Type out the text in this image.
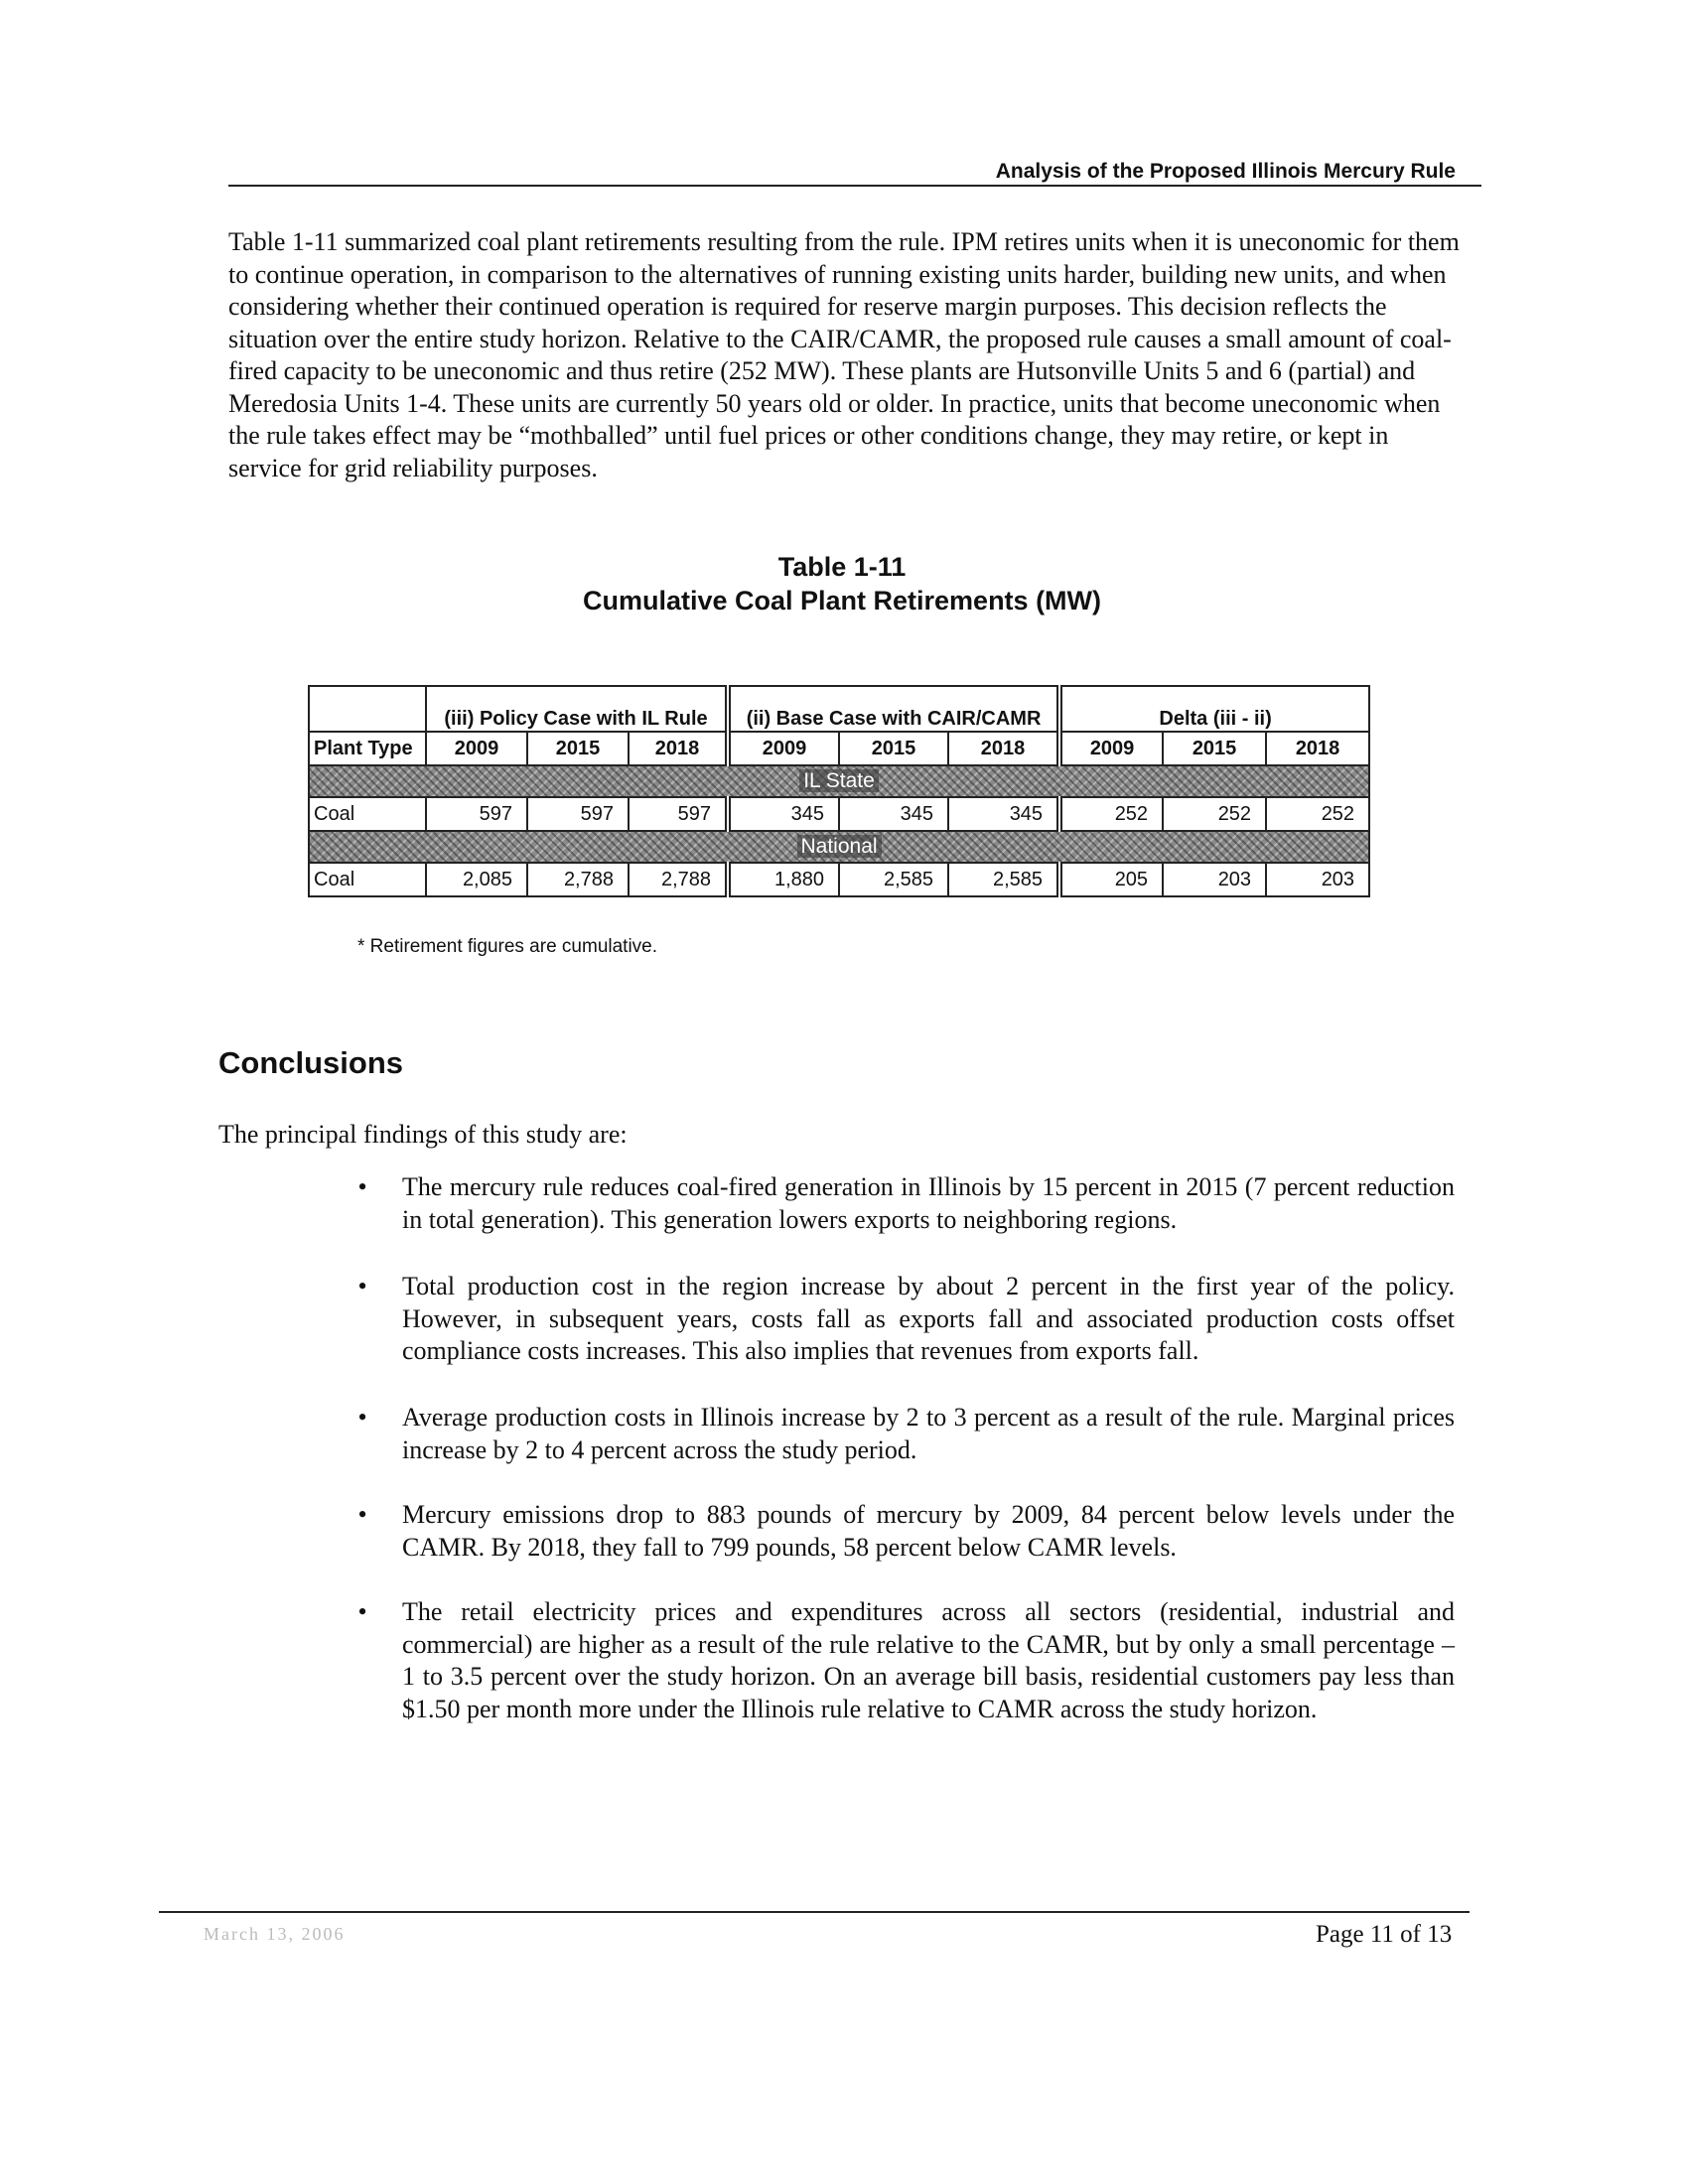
Analysis of the Proposed Illinois Mercury Rule

Table 1-11 summarized coal plant retirements resulting from the rule. IPM retires units when it is uneconomic for them to continue operation, in comparison to the alternatives of running existing units harder, building new units, and when considering whether their continued operation is required for reserve margin purposes. This decision reflects the situation over the entire study horizon. Relative to the CAIR/CAMR, the proposed rule causes a small amount of coal-fired capacity to be uneconomic and thus retire (252 MW). These plants are Hutsonville Units 5 and 6 (partial) and Meredosia Units 1-4. These units are currently 50 years old or older. In practice, units that become uneconomic when the rule takes effect may be “mothballed” until fuel prices or other conditions change, they may retire, or kept in service for grid reliability purposes.

Table 1-11
Cumulative Coal Plant Retirements (MW)
	(iii) Policy Case with IL Rule			(ii) Base Case with CAIR/CAMR			Delta (iii - ii)		
Plant Type	2009	2015	2018	2009	2015	2018	2009	2015	2018
IL State									
Coal	597	597	597	345	345	345	252	252	252
National									
Coal	2,085	2,788	2,788	1,880	2,585	2,585	205	203	203
* Retirement figures are cumulative.
Conclusions

The principal findings of this study are:

• The mercury rule reduces coal-fired generation in Illinois by 15 percent in 2015 (7 percent reduction in total generation). This generation lowers exports to neighboring regions.
• Total production cost in the region increase by about 2 percent in the first year of the policy. However, in subsequent years, costs fall as exports fall and associated production costs offset compliance costs increases. This also implies that revenues from exports fall.
• Average production costs in Illinois increase by 2 to 3 percent as a result of the rule. Marginal prices increase by 2 to 4 percent across the study period.
• Mercury emissions drop to 883 pounds of mercury by 2009, 84 percent below levels under the CAMR. By 2018, they fall to 799 pounds, 58 percent below CAMR levels.
• The retail electricity prices and expenditures across all sectors (residential, industrial and commercial) are higher as a result of the rule relative to the CAMR, but by only a small percentage – 1 to 3.5 percent over the study horizon. On an average bill basis, residential customers pay less than $1.50 per month more under the Illinois rule relative to CAMR across the study horizon.
March 13, 2006	Page 11 of 13
